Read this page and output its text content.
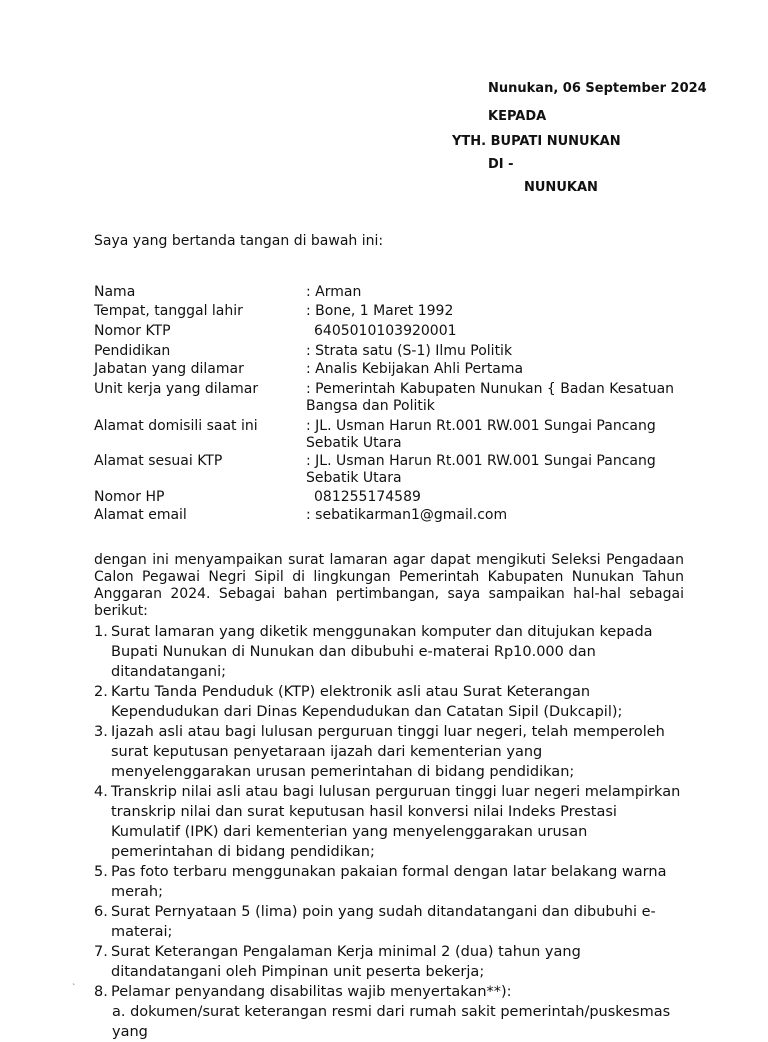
Nunukan, 06 September 2024
KEPADA
YTH. BUPATI NUNUKAN
DI -
NUNUKAN
Saya yang bertanda tangan di bawah ini:
Nama	: Arman
Tempat, tanggal lahir	: Bone, 1 Maret 1992
Nomor KTP	6405010103920001
Pendidikan	: Strata satu (S-1) Ilmu Politik
Jabatan yang dilamar	: Analis Kebijakan Ahli Pertama
Unit kerja yang dilamar	: Pemerintah Kabupaten Nunukan { Badan Kesatuan Bangsa dan Politik
Alamat domisili saat ini	: JL. Usman Harun Rt.001 RW.001 Sungai Pancang Sebatik Utara
Alamat sesuai KTP	: JL. Usman Harun Rt.001 RW.001 Sungai Pancang Sebatik Utara
Nomor HP	081255174589
Alamat email	: sebatikarman1@gmail.com
dengan ini menyampaikan surat lamaran agar dapat mengikuti Seleksi Pengadaan Calon Pegawai Negri Sipil di lingkungan Pemerintah Kabupaten Nunukan Tahun Anggaran 2024. Sebagai bahan pertimbangan, saya sampaikan hal-hal sebagai berikut:
1. Surat lamaran yang diketik menggunakan komputer dan ditujukan kepada Bupati Nunukan di Nunukan dan dibubuhi e-materai Rp10.000 dan ditandatangani;
2. Kartu Tanda Penduduk (KTP) elektronik asli atau Surat Keterangan Kependudukan dari Dinas Kependudukan dan Catatan Sipil (Dukcapil);
3. Ijazah asli atau bagi lulusan perguruan tinggi luar negeri, telah memperoleh surat keputusan penyetaraan ijazah dari kementerian yang menyelenggarakan urusan pemerintahan di bidang pendidikan;
4. Transkrip nilai asli atau bagi lulusan perguruan tinggi luar negeri melampirkan transkrip nilai dan surat keputusan hasil konversi nilai Indeks Prestasi Kumulatif (IPK) dari kementerian yang menyelenggarakan urusan pemerintahan di bidang pendidikan;
5. Pas foto terbaru menggunakan pakaian formal dengan latar belakang warna merah;
6. Surat Pernyataan 5 (lima) poin yang sudah ditandatangani dan dibubuhi e- materai;
7. Surat Keterangan Pengalaman Kerja minimal 2 (dua) tahun yang ditandatangani oleh Pimpinan unit peserta bekerja;
8. Pelamar penyandang disabilitas wajib menyertakan**):
a. dokumen/surat keterangan resmi dari rumah sakit pemerintah/puskesmas yang
`
